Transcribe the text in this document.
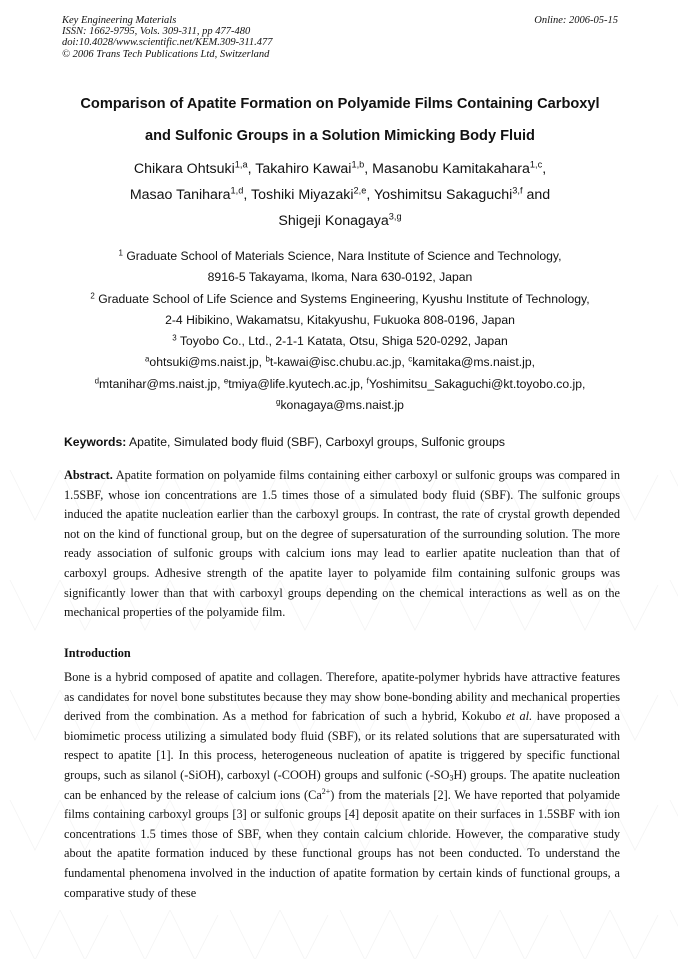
Key Engineering Materials
ISSN: 1662-9795, Vols. 309-311, pp 477-480
doi:10.4028/www.scientific.net/KEM.309-311.477
© 2006 Trans Tech Publications Ltd, Switzerland
Online: 2006-05-15
Comparison of Apatite Formation on Polyamide Films Containing Carboxyl
and Sulfonic Groups in a Solution Mimicking Body Fluid
Chikara Ohtsuki$^{1,a}$, Takahiro Kawai$^{1,b}$, Masanobu Kamitakahara$^{1,c}$,
Masao Tanihara$^{1,d}$, Toshiki Miyazaki$^{2,e}$, Yoshimitsu Sakaguchi$^{3,f}$ and
Shigeji Konagaya$^{3,g}$
$^1$ Graduate School of Materials Science, Nara Institute of Science and Technology,
8916-5 Takayama, Ikoma, Nara 630-0192, Japan
$^2$ Graduate School of Life Science and Systems Engineering, Kyushu Institute of Technology,
2-4 Hibikino, Wakamatsu, Kitakyushu, Fukuoka 808-0196, Japan
$^3$ Toyobo Co., Ltd., 2-1-1 Katata, Otsu, Shiga 520-0292, Japan
$^a$ohtsuki@ms.naist.jp, $^b$t-kawai@isc.chubu.ac.jp, $^c$kamitaka@ms.naist.jp,
$^d$mtanihar@ms.naist.jp, $^e$tmiya@life.kyutech.ac.jp, $^f$Yoshimitsu_Sakaguchi@kt.toyobo.co.jp,
$^g$konagaya@ms.naist.jp
Keywords: Apatite, Simulated body fluid (SBF), Carboxyl groups, Sulfonic groups

Abstract. Apatite formation on polyamide films containing either carboxyl or sulfonic groups was compared in 1.5SBF, whose ion concentrations are 1.5 times those of a simulated body fluid (SBF). The sulfonic groups induced the apatite nucleation earlier than the carboxyl groups. In contrast, the rate of crystal growth depended not on the kind of functional group, but on the degree of supersaturation of the surrounding solution. The more ready association of sulfonic groups with calcium ions may lead to earlier apatite nucleation than that of carboxyl groups. Adhesive strength of the apatite layer to polyamide film containing sulfonic groups was significantly lower than that with carboxyl groups depending on the chemical interactions as well as on the mechanical properties of the polyamide film.

Introduction

Bone is a hybrid composed of apatite and collagen. Therefore, apatite-polymer hybrids have attractive features as candidates for novel bone substitutes because they may show bone-bonding ability and mechanical properties derived from the combination. As a method for fabrication of such a hybrid, Kokubo et al. have proposed a biomimetic process utilizing a simulated body fluid (SBF), or its related solutions that are supersaturated with respect to apatite [1]. In this process, heterogeneous nucleation of apatite is triggered by specific functional groups, such as silanol (-SiOH), carboxyl (-COOH) groups and sulfonic $(-SO_3H)$ groups. The apatite nucleation can be enhanced by the release of calcium ions $(Ca^{2+})$ from the materials [2]. We have reported that polyamide films containing carboxyl groups [3] or sulfonic groups [4] deposit apatite on their surfaces in 1.5SBF with ion concentrations 1.5 times those of SBF, when they contain calcium chloride. However, the comparative study about the apatite formation induced by these functional groups has not been conducted. To understand the fundamental phenomena involved in the induction of apatite formation by certain kinds of functional groups, a comparative study of these
